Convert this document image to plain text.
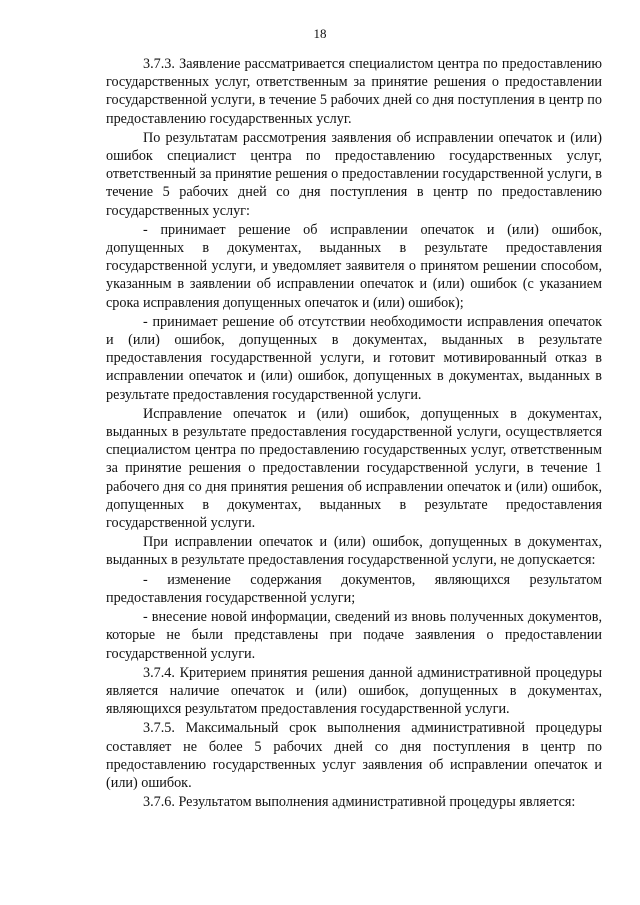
18

3.7.3. Заявление рассматривается специалистом центра по предоставлению государственных услуг, ответственным за принятие решения о предоставлении государственной услуги, в течение 5 рабочих дней со дня поступления в центр по предоставлению государственных услуг.

По результатам рассмотрения заявления об исправлении опечаток и (или) ошибок специалист центра по предоставлению государственных услуг, ответственный за принятие решения о предоставлении государственной услуги, в течение 5 рабочих дней со дня поступления в центр по предоставлению государственных услуг:

- принимает решение об исправлении опечаток и (или) ошибок, допущенных в документах, выданных в результате предоставления государственной услуги, и уведомляет заявителя о принятом решении способом, указанным в заявлении об исправлении опечаток и (или) ошибок (с указанием срока исправления допущенных опечаток и (или) ошибок);

- принимает решение об отсутствии необходимости исправления опечаток и (или) ошибок, допущенных в документах, выданных в результате предоставления государственной услуги, и готовит мотивированный отказ в исправлении опечаток и (или) ошибок, допущенных в документах, выданных в результате предоставления государственной услуги.

Исправление опечаток и (или) ошибок, допущенных в документах, выданных в результате предоставления государственной услуги, осуществляется специалистом центра по предоставлению государственных услуг, ответственным за принятие решения о предоставлении государственной услуги, в течение 1 рабочего дня со дня принятия решения об исправлении опечаток и (или) ошибок, допущенных в документах, выданных в результате предоставления государственной услуги.

При исправлении опечаток и (или) ошибок, допущенных в документах, выданных в результате предоставления государственной услуги, не допускается:

- изменение содержания документов, являющихся результатом предоставления государственной услуги;

- внесение новой информации, сведений из вновь полученных документов, которые не были представлены при подаче заявления о предоставлении государственной услуги.

3.7.4. Критерием принятия решения данной административной процедуры является наличие опечаток и (или) ошибок, допущенных в документах, являющихся результатом предоставления государственной услуги.

3.7.5. Максимальный срок выполнения административной процедуры составляет не более 5 рабочих дней со дня поступления в центр по предоставлению государственных услуг заявления об исправлении опечаток и (или) ошибок.

3.7.6. Результатом выполнения административной процедуры является:
